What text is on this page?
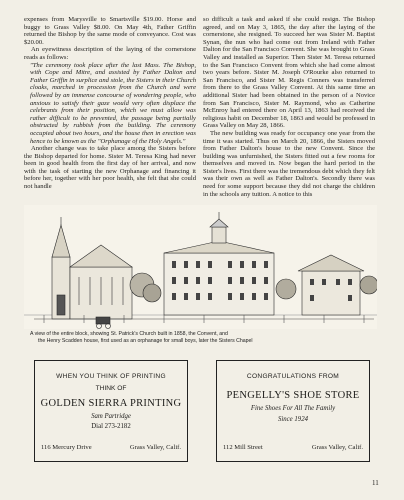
expenses from Marysville to Smartsville $19.00. Horse and buggy to Grass Valley $8.00. On May 4th, Father Griffin returned the Bishop by the same mode of conveyance. Cost was $20.00.

An eyewitness description of the laying of the cornerstone reads as follows:

"The ceremony took place after the last Mass. The Bishop, with Cope and Mitre, and assisted by Father Dalton and Father Griffin in surplice and stole, the Sisters in their Church cloaks, marched in procession from the Church and were followed by an immense concourse of wondering people, who anxious to satisfy their gaze would very often displace the celebrants from their position, which we must allow was rather difficult to be prevented, the passage being partially obstructed by rubbish from the building. The ceremony occupied about two hours, and the house then in erection was hence to be known as the "Orphanage of the Holy Angels."

Another change was to take place among the Sisters before the Bishop departed for home. Sister M. Teresa King had never been in good health from the first day of her arrival, and now with the task of starting the new Orphanage and financing it before her, together with her poor health, she felt that she could not handle

so difficult a task and asked if she could resign. The Bishop agreed, and on May 3, 1865, the day after the laying of the cornerstone, she resigned. To succeed her was Sister M. Baptist Synan, the nun who had come out from Ireland with Father Dalton for the San Francisco Convent. She was brought to Grass Valley and installed as Superior. Then Sister M. Teresa returned to the San Francisco Convent from which she had come almost two years before. Sister M. Joseph O'Rourke also returned to San Francisco, and Sister M. Regis Conners was transferred from there to the Grass Valley Convent. At this same time an additional Sister had been obtained in the person of a Novice from San Francisco, Sister M. Raymond, who as Catherine McEnroy had entered there on April 13, 1863 had received the religious habit on December 18, 1863 and would be professed in Grass Valley on May 28, 1866.

The new building was ready for occupancy one year from the time it was started. Thus on March 20, 1866, the Sisters moved from Father Dalton's house to the new Convent. Since the building was unfurnished, the Sisters fitted out a few rooms for themselves and moved in. Now began the hard period in the Sister's lives. First there was the tremendous debt which they felt was their own as well as Father Dalton's. Secondly there was need for some support because they did not charge the children in the schools any tuition. A notice to this

A view of the entire block, showing St. Patrick's Church built in 1858, the Convent, and
the Henry Scadden house, first used as an orphanage for small boys, later the Sisters Chapel
WHEN YOU THINK OF PRINTING
THINK OF
GOLDEN SIERRA PRINTING
Sam Partridge
Dial 273-2182
116 Mercury Drive	Grass Valley, Calif.
CONGRATULATIONS FROM
PENGELLY'S SHOE STORE
Fine Shoes For All The Family
Since 1924
112 Mill Street	Grass Valley, Calif.
11
